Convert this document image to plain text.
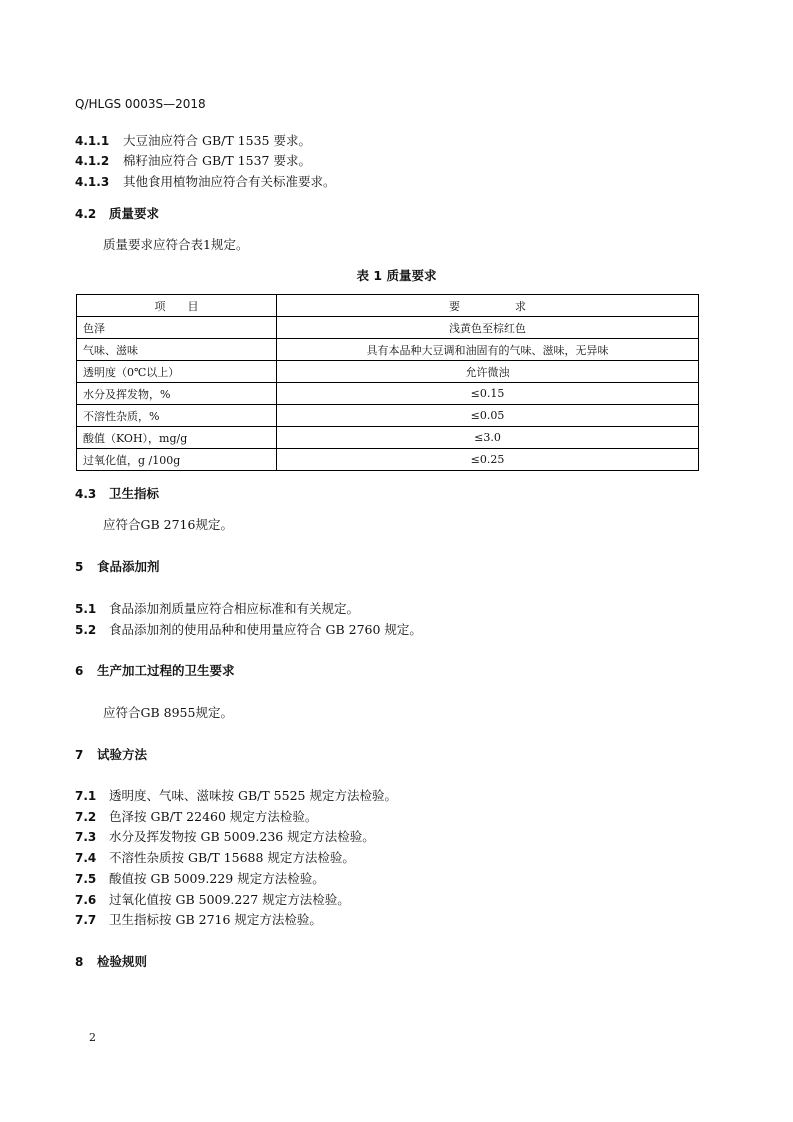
Q/HLGS 0003S—2018
4.1.1 大豆油应符合 GB/T 1535 要求。
4.1.2 棉籽油应符合 GB/T 1537 要求。
4.1.3 其他食用植物油应符合有关标准要求。
4.2 质量要求
质量要求应符合表1规定。
表 1 质量要求
项　　目	要　　　　　求
色泽	浅黄色至棕红色
气味、滋味	具有本品种大豆调和油固有的气味、滋味，无异味
透明度（0℃以上）	允许微浊
水分及挥发物，%	≤0.15
不溶性杂质，%	≤0.05
酸值（KOH），mg/g	≤3.0
过氧化值，g /100g	≤0.25
4.3 卫生指标
应符合GB 2716规定。
5 食品添加剂
5.1 食品添加剂质量应符合相应标准和有关规定。
5.2 食品添加剂的使用品种和使用量应符合 GB 2760 规定。
6 生产加工过程的卫生要求
应符合GB 8955规定。
7 试验方法
7.1 透明度、气味、滋味按 GB/T 5525 规定方法检验。
7.2 色泽按 GB/T 22460 规定方法检验。
7.3 水分及挥发物按 GB 5009.236 规定方法检验。
7.4 不溶性杂质按 GB/T 15688 规定方法检验。
7.5 酸值按 GB 5009.229 规定方法检验。
7.6 过氧化值按 GB 5009.227 规定方法检验。
7.7 卫生指标按 GB 2716 规定方法检验。
8 检验规则
2
